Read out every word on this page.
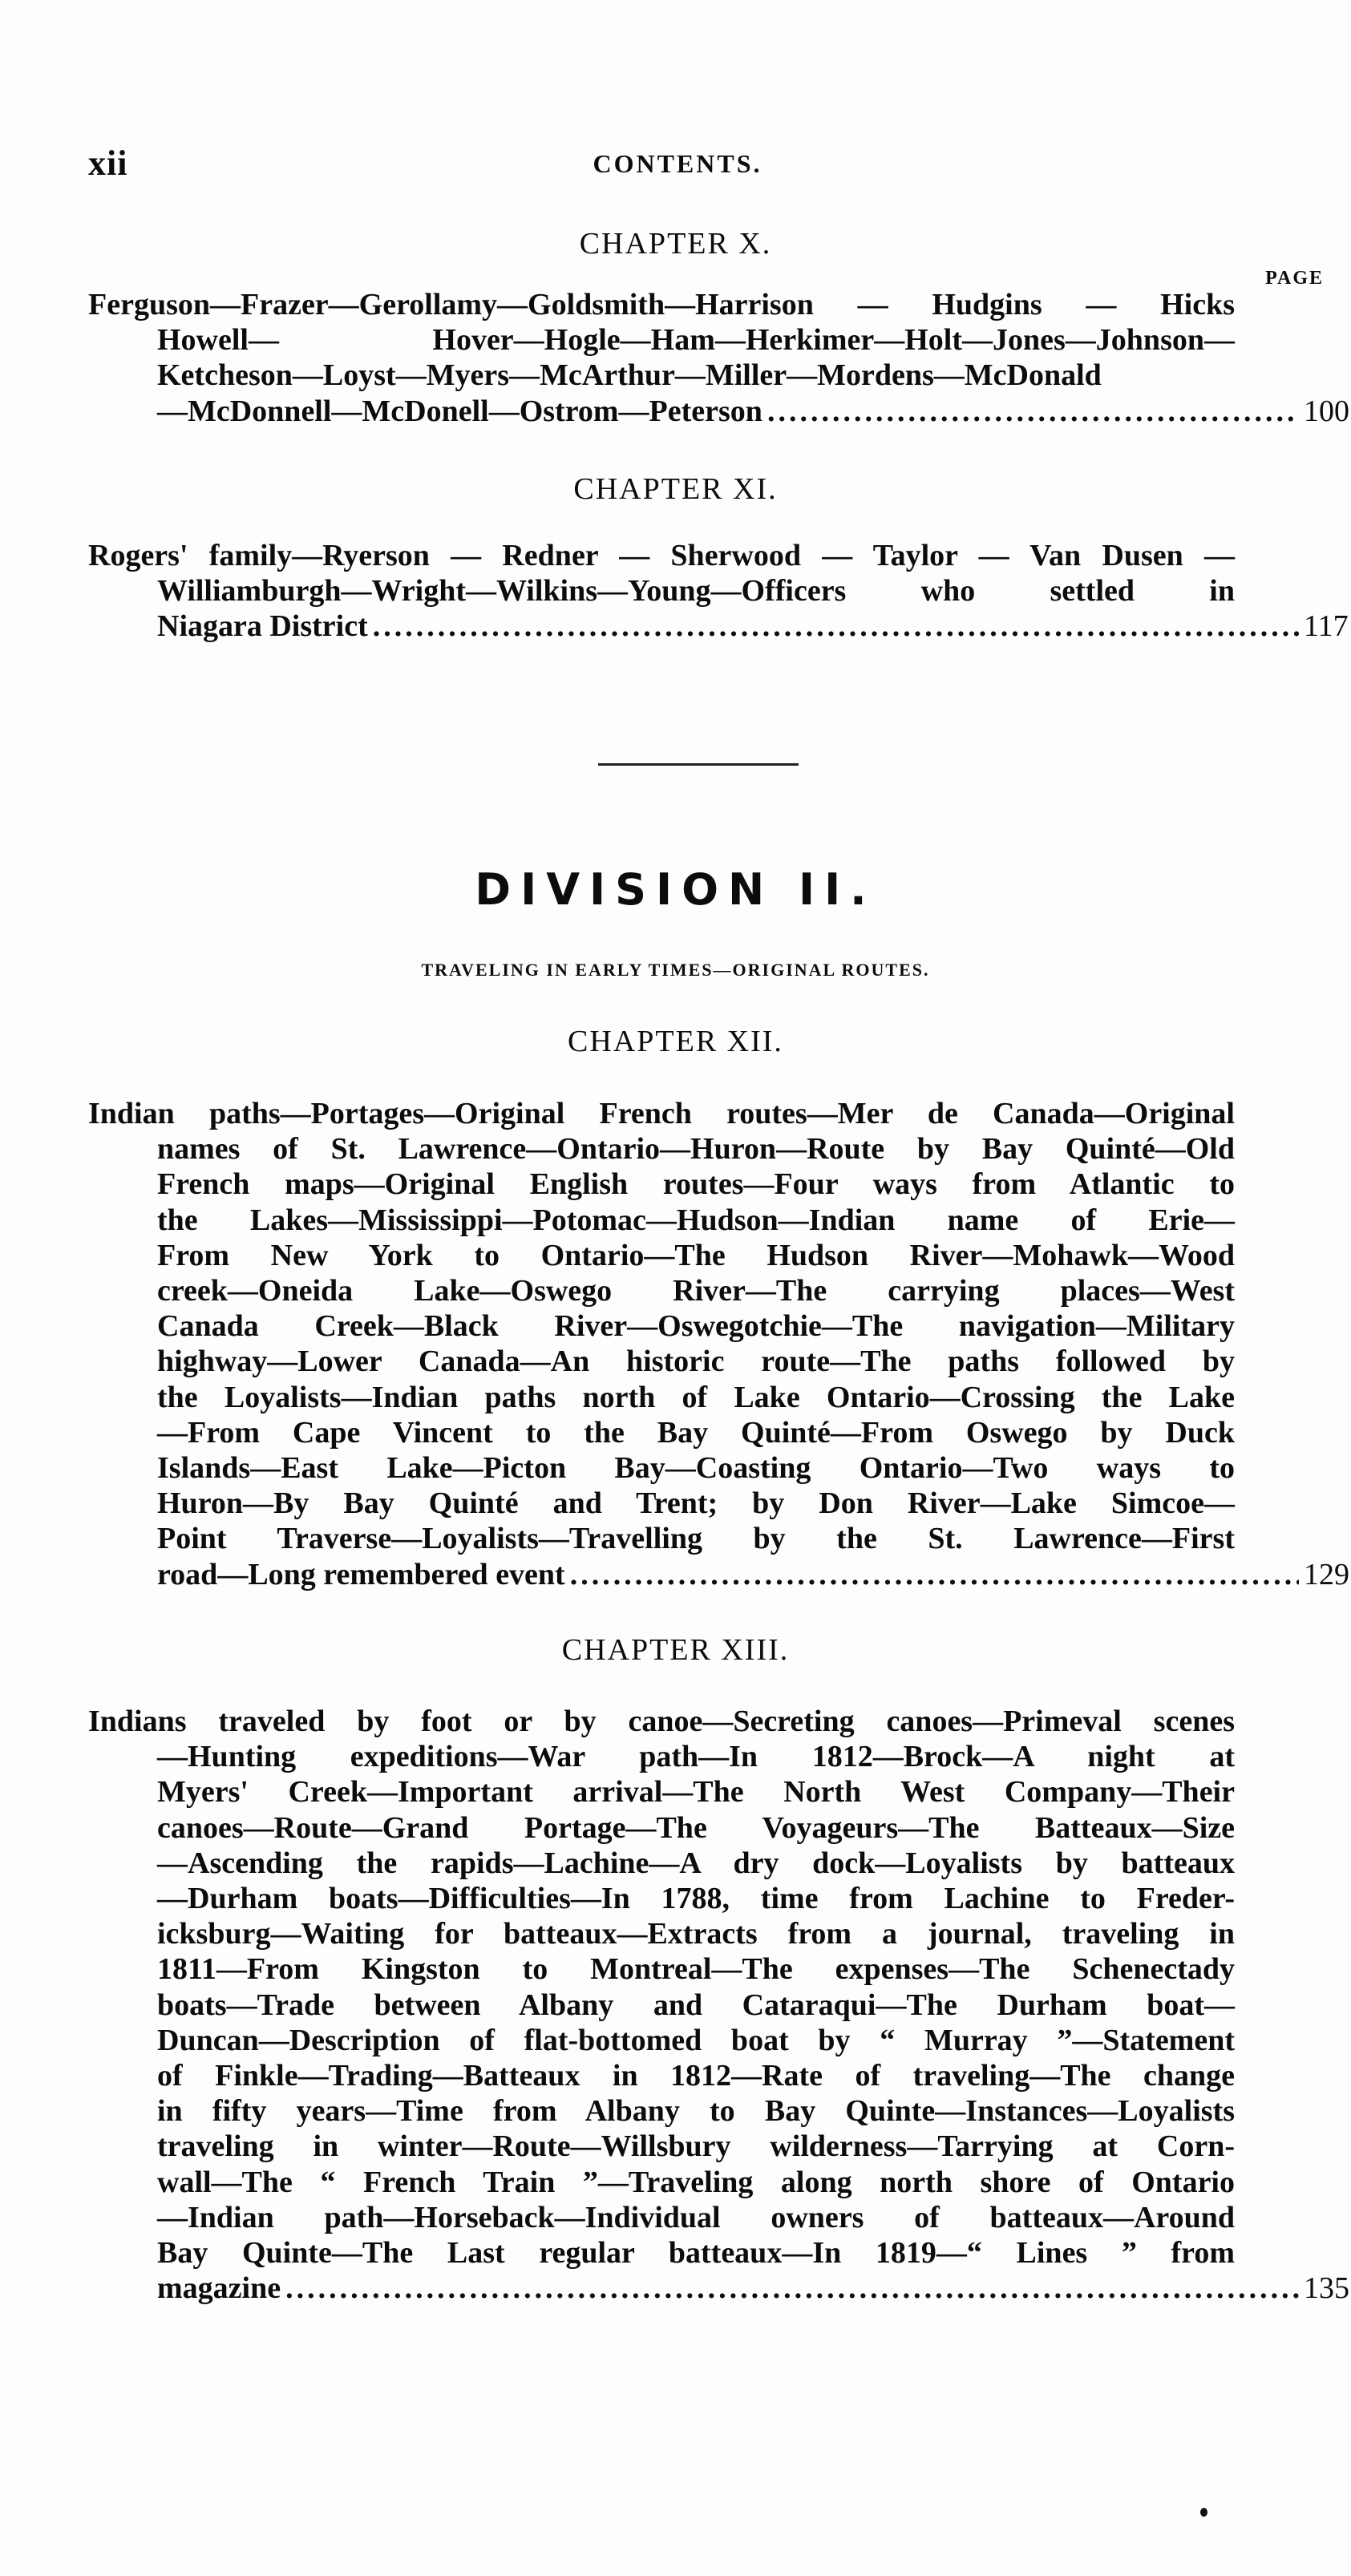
xii	CONTENTS.
CHAPTER X.
PAGE
Ferguson—Frazer—Gerollamy—Goldsmith—Harrison — Hudgins — Hicks
Howell— Hover—Hogle—Ham—Herkimer—Holt—Jones—Johnson—
Ketcheson—Loyst—Myers—McArthur—Miller—Mordens—McDonald
—McDonnell—McDonell—Ostrom—Peterson .....	100
CHAPTER XI.
Rogers' family—Ryerson — Redner — Sherwood — Taylor — Van Dusen —
Williamburgh—Wright—Wilkins—Young—Officers who settled in
Niagara District .....	117
DIVISION II.
TRAVELING IN EARLY TIMES—ORIGINAL ROUTES.
CHAPTER XII.
Indian paths—Portages—Original French routes—Mer de Canada—Original
names of St. Lawrence—Ontario—Huron—Route by Bay Quinté—Old
French maps—Original English routes—Four ways from Atlantic to
the Lakes—Mississippi—Potomac—Hudson—Indian name of Erie—
From New York to Ontario—The Hudson River—Mohawk—Wood
creek—Oneida Lake—Oswego River—The carrying places—West
Canada Creek—Black River—Oswegotchie—The navigation—Military
highway—Lower Canada—An historic route—The paths followed by
the Loyalists—Indian paths north of Lake Ontario—Crossing the Lake
—From Cape Vincent to the Bay Quinté—From Oswego by Duck
Islands—East Lake—Picton Bay—Coasting Ontario—Two ways to
Huron—By Bay Quinté and Trent; by Don River—Lake Simcoe—
Point Traverse—Loyalists—Travelling by the St. Lawrence—First
road—Long remembered event .....	129
CHAPTER XIII.
Indians traveled by foot or by canoe—Secreting canoes—Primeval scenes
—Hunting expeditions—War path—In 1812—Brock—A night at
Myers' Creek—Important arrival—The North West Company—Their
canoes—Route—Grand Portage—The Voyageurs—The Batteaux—Size
—Ascending the rapids—Lachine—A dry dock—Loyalists by batteaux
—Durham boats—Difficulties—In 1788, time from Lachine to Freder-
icksburg—Waiting for batteaux—Extracts from a journal, traveling in
1811—From Kingston to Montreal—The expenses—The Schenectady
boats—Trade between Albany and Cataraqui—The Durham boat—
Duncan—Description of flat-bottomed boat by “ Murray ”—Statement
of Finkle—Trading—Batteaux in 1812—Rate of traveling—The change
in fifty years—Time from Albany to Bay Quinte—Instances—Loyalists
traveling in winter—Route—Willsbury wilderness—Tarrying at Corn-
wall—The “ French Train ”—Traveling along north shore of Ontario
—Indian path—Horseback—Individual owners of batteaux—Around
Bay Quinte—The Last regular batteaux—In 1819—“ Lines ” from
magazine .....	135
